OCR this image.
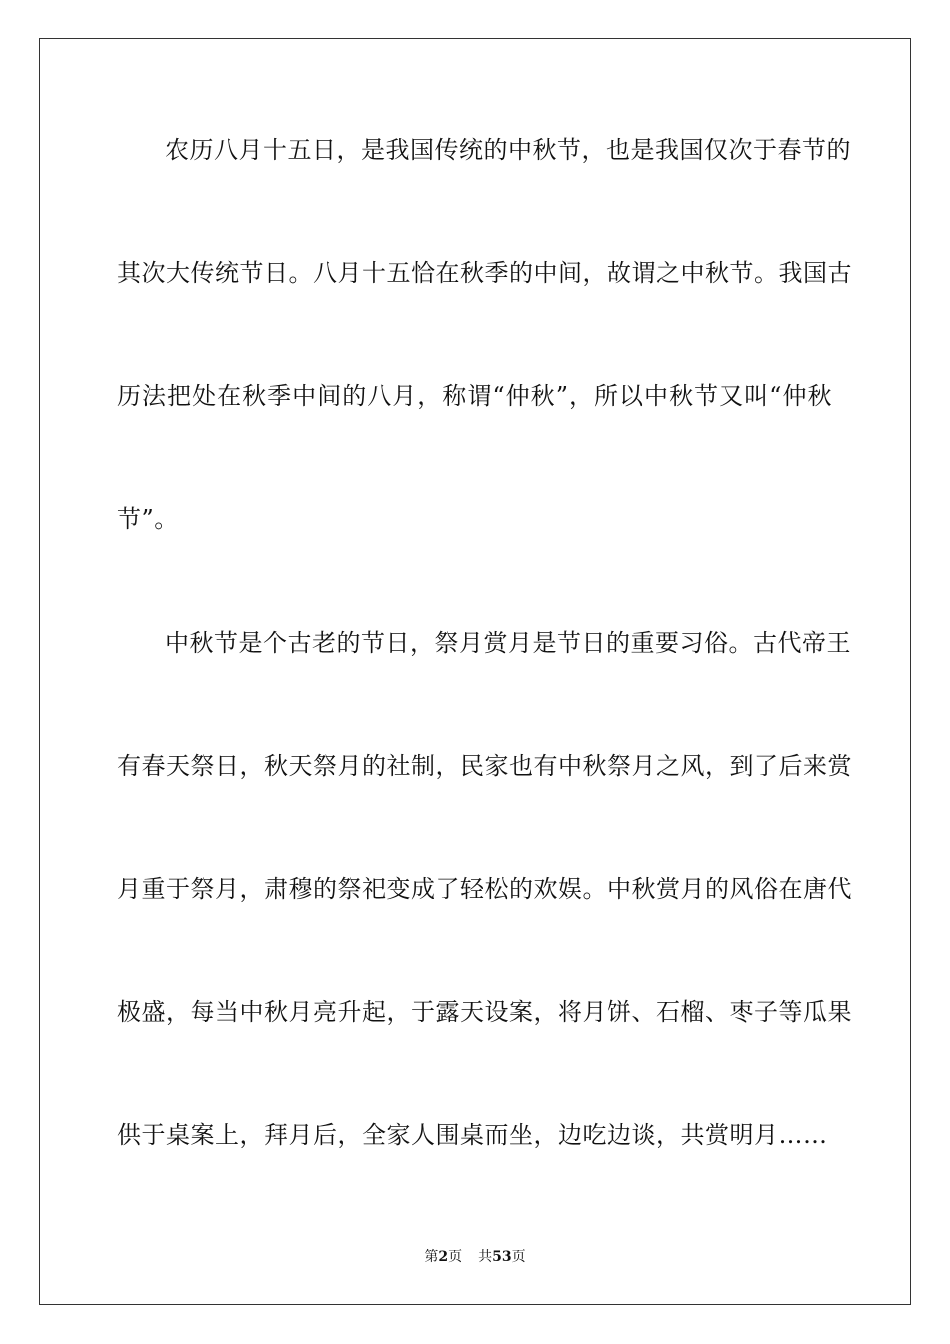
农历八月十五日，是我国传统的中秋节，也是我国仅次于春节的
其次大传统节日。八月十五恰在秋季的中间，故谓之中秋节。我国古
历法把处在秋季中间的八月，称谓“仲秋”，所以中秋节又叫“仲秋
节”。
中秋节是个古老的节日，祭月赏月是节日的重要习俗。古代帝王
有春天祭日，秋天祭月的社制，民家也有中秋祭月之风，到了后来赏
月重于祭月，肃穆的祭祀变成了轻松的欢娱。中秋赏月的风俗在唐代
极盛，每当中秋月亮升起，于露天设案，将月饼、石榴、枣子等瓜果
供于桌案上，拜月后，全家人围桌而坐，边吃边谈，共赏明月……
第2页 共53页
